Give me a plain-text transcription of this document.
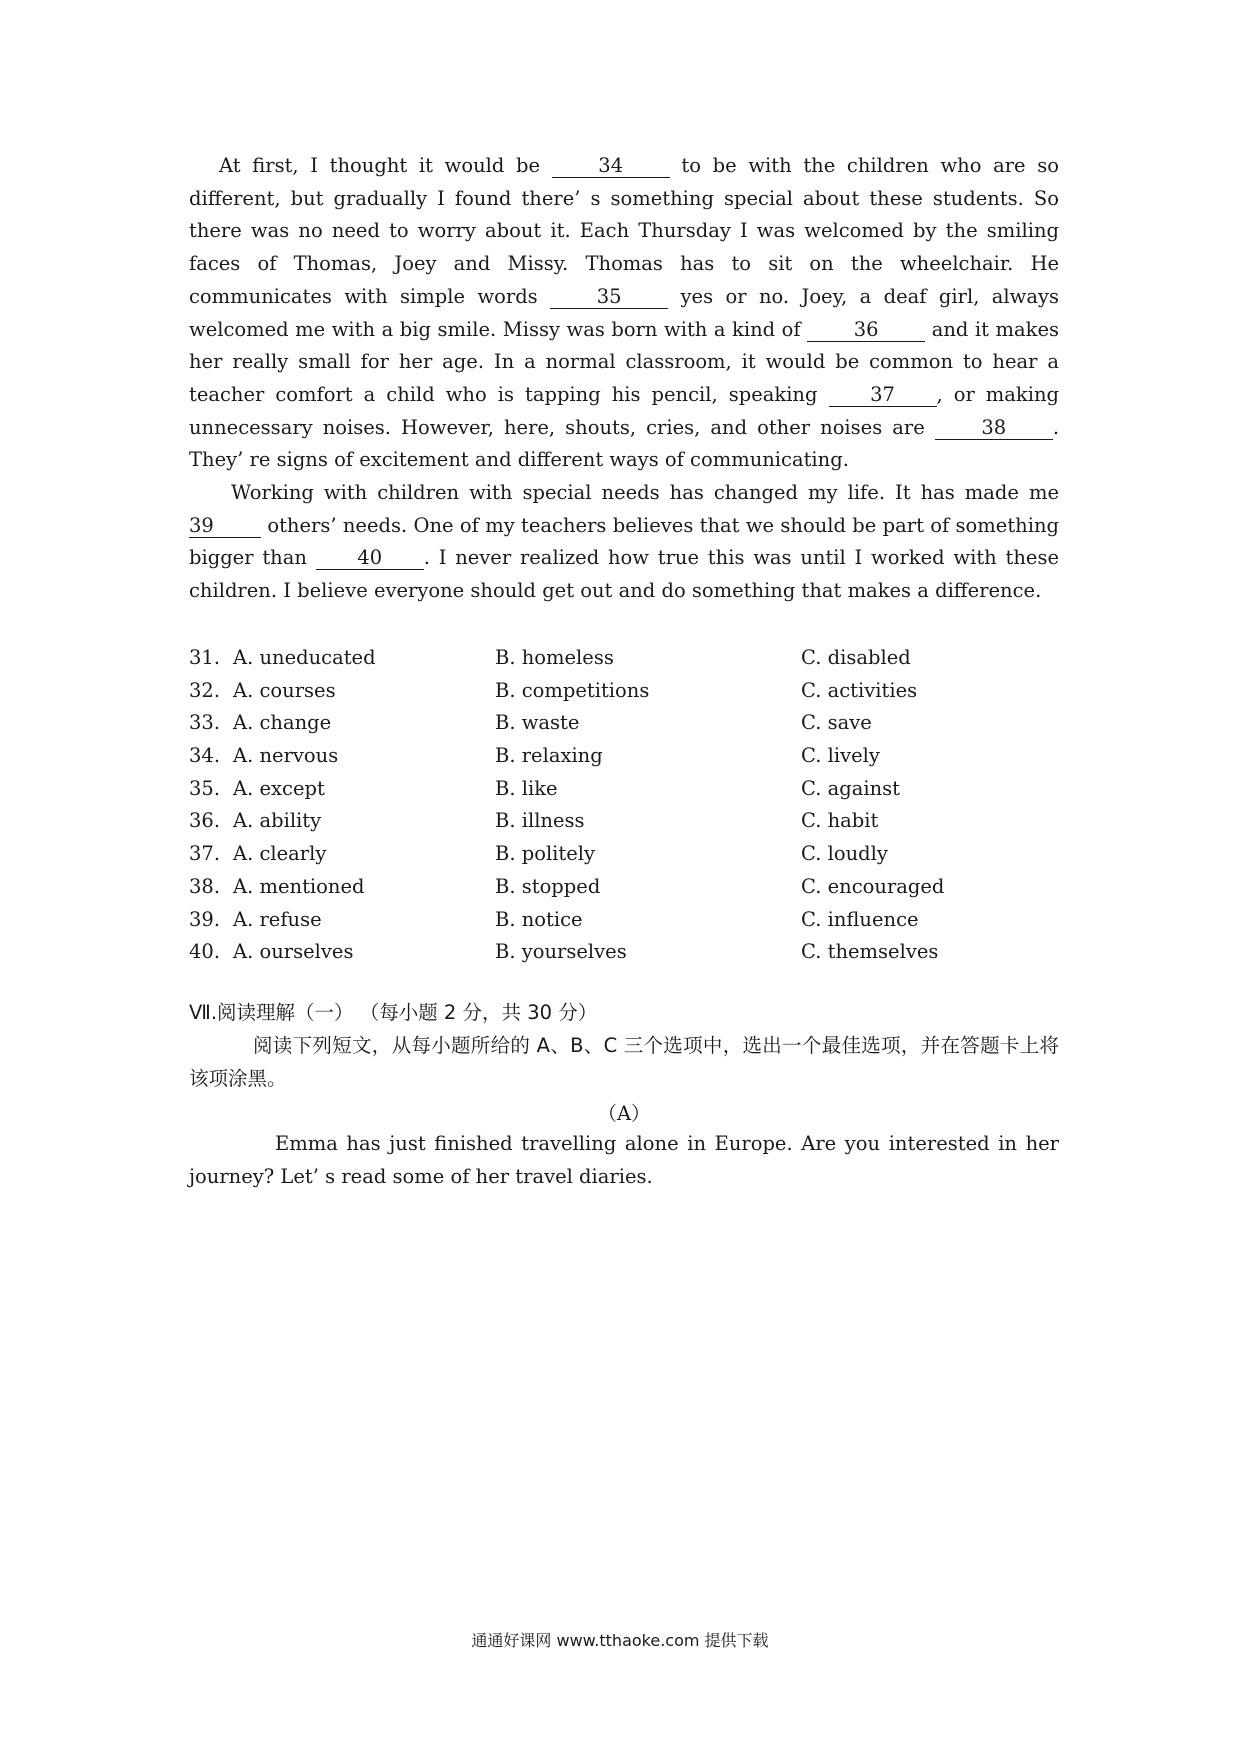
At first, I thought it would be	34	to be with the children who are so different, but gradually I found there’ s something special about these students. So there was no need to worry about it. Each Thursday I was welcomed by the smiling faces of Thomas, Joey and Missy. Thomas has to sit on the wheelchair. He communicates with simple words	35	yes or no. Joey, a deaf girl, always welcomed me with a big smile. Missy was born with a kind of	36	and it makes her really small for her age. In a normal classroom, it would be common to hear a teacher comfort a child who is tapping his pencil, speaking	37 , or making unnecessary noises. However, here, shouts, cries, and other noises are	38 . They’ re signs of excitement and different ways of communicating.

Working with children with special needs has changed my life. It has made me 39	others’ needs. One of my teachers believes that we should be part of something bigger than	40 . I never realized how true this was until I worked with these children. I believe everyone should get out and do something that makes a difference.

31. A. uneducated	B. homeless	C. disabled
32. A. courses	B. competitions	C. activities
33. A. change	B. waste	C. save
34. A. nervous	B. relaxing	C. lively
35. A. except	B. like	C. against
36. A. ability	B. illness	C. habit
37. A. clearly	B. politely	C. loudly
38. A. mentioned	B. stopped	C. encouraged
39. A. refuse	B. notice	C. influence
40. A. ourselves	B. yourselves	C. themselves

Ⅶ.阅读理解（一） （每小题 2 分，共 30 分）

阅读下列短文，从每小题所给的 A、B、C 三个选项中，选出一个最佳选项，并在答题卡上将该项涂黑。

（A）

Emma has just finished travelling alone in Europe. Are you interested in her journey? Let’ s read some of her travel diaries.

通通好课网 www.tthaoke.com 提供下载
